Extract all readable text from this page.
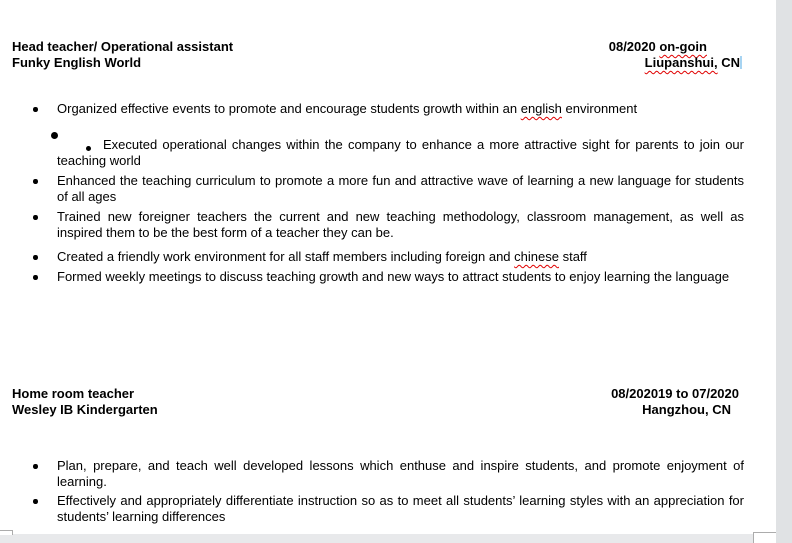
Head teacher/ Operational assistant
Funky English World
08/2020 on-goin
Liupanshui, CN
Organized effective events to promote and encourage students growth within an english environment
Executed operational changes within the company to enhance a more attractive sight for parents to join our teaching world
Enhanced the teaching curriculum to promote a more fun and attractive wave of learning a new language for students of all ages
Trained new foreigner teachers the current and new teaching methodology, classroom management, as well as inspired them to be the best form of a teacher they can be.
Created a friendly work environment for all staff members including foreign and chinese staff
Formed weekly meetings to discuss teaching growth and new ways to attract students to enjoy learning the language
Home room teacher
Wesley IB Kindergarten
08/202019 to 07/2020
Hangzhou, CN
Plan, prepare, and teach well developed lessons which enthuse and inspire students, and promote enjoyment of learning.
Effectively and appropriately differentiate instruction so as to meet all students’ learning styles with an appreciation for students’ learning differences
